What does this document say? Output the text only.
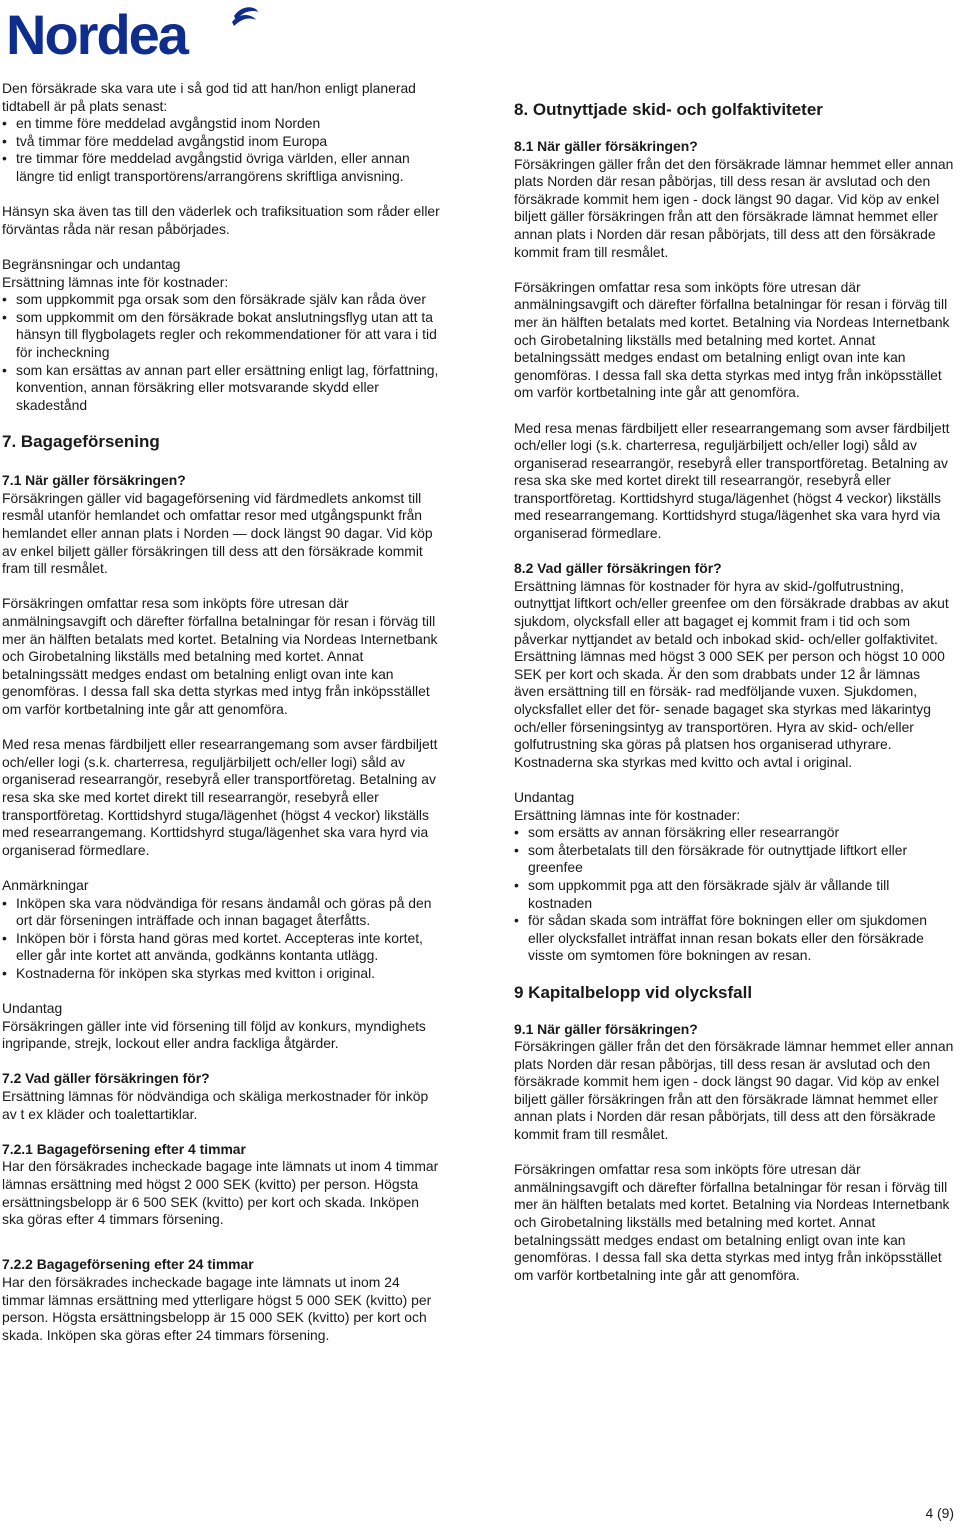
Nordea

Den försäkrade ska vara ute i så god tid att han/hon enligt planerad tidtabell är på plats senast:

• en timme före meddelad avgångstid inom Norden
• två timmar före meddelad avgångstid inom Europa
• tre timmar före meddelad avgångstid övriga världen, eller annan längre tid enligt transportörens/arrangörens skriftliga anvisning.

Hänsyn ska även tas till den väderlek och trafiksituation som råder eller förväntas råda när resan påbörjades.

Begränsningar och undantag

Ersättning lämnas inte för kostnader:

• som uppkommit pga orsak som den försäkrade själv kan råda över
• som uppkommit om den försäkrade bokat anslutningsflyg utan att ta hänsyn till flygbolagets regler och rekommendationer för att vara i tid för incheckning
• som kan ersättas av annan part eller ersättning enligt lag, författning, konvention, annan försäkring eller motsvarande skydd eller skadestånd
7. Bagageförsening

7.1 När gäller försäkringen?

Försäkringen gäller vid bagageförsening vid färdmedlets ankomst till resmål utanför hemlandet och omfattar resor med utgångspunkt från hemlandet eller annan plats i Norden — dock längst 90 dagar. Vid köp av enkel biljett gäller försäkringen till dess att den försäkrade kommit fram till resmålet.

Försäkringen omfattar resa som inköpts före utresan där anmälningsavgift och därefter förfallna betalningar för resan i förväg till mer än hälften betalats med kortet. Betalning via Nordeas Internetbank och Girobetalning likställs med betalning med kortet. Annat betalningssätt medges endast om betalning enligt ovan inte kan genomföras. I dessa fall ska detta styrkas med intyg från inköpsstället om varför kortbetalning inte går att genomföra.

Med resa menas färdbiljett eller researrangemang som avser färdbiljett och/eller logi (s.k. charterresa, reguljärbiljett och/eller logi) såld av organiserad researrangör, resebyrå eller transportföretag. Betalning av resa ska ske med kortet direkt till researrangör, resebyrå eller transportföretag. Korttidshyrd stuga/lägenhet (högst 4 veckor) likställs med researrangemang. Korttidshyrd stuga/lägenhet ska vara hyrd via organiserad förmedlare.

Anmärkningar

• Inköpen ska vara nödvändiga för resans ändamål och göras på den ort där förseningen inträffade och innan bagaget återfåtts.
• Inköpen bör i första hand göras med kortet. Accepteras inte kortet, eller går inte kortet att använda, godkänns kontanta utlägg.
• Kostnaderna för inköpen ska styrkas med kvitton i original.

Undantag

Försäkringen gäller inte vid försening till följd av konkurs, myndighets ingripande, strejk, lockout eller andra fackliga åtgärder.

7.2 Vad gäller försäkringen för?

Ersättning lämnas för nödvändiga och skäliga merkostnader för inköp av t ex kläder och toalettartiklar.

7.2.1 Bagageförsening efter 4 timmar

Har den försäkrades incheckade bagage inte lämnats ut inom 4 timmar lämnas ersättning med högst 2 000 SEK (kvitto) per person. Högsta ersättningsbelopp är 6 500 SEK (kvitto) per kort och skada. Inköpen ska göras efter 4 timmars försening.

7.2.2 Bagageförsening efter 24 timmar

Har den försäkrades incheckade bagage inte lämnats ut inom 24 timmar lämnas ersättning med ytterligare högst 5 000 SEK (kvitto) per person. Högsta ersättningsbelopp är 15 000 SEK (kvitto) per kort och skada. Inköpen ska göras efter 24 timmars försening.

8. Outnyttjade skid- och golfaktiviteter

8.1 När gäller försäkringen?

Försäkringen gäller från det den försäkrade lämnar hemmet eller annan plats Norden där resan påbörjas, till dess resan är avslutad och den försäkrade kommit hem igen - dock längst 90 dagar. Vid köp av enkel biljett gäller försäkringen från att den försäkrade lämnat hemmet eller annan plats i Norden där resan påbörjats, till dess att den försäkrade kommit fram till resmålet.

Försäkringen omfattar resa som inköpts före utresan där anmälningsavgift och därefter förfallna betalningar för resan i förväg till mer än hälften betalats med kortet. Betalning via Nordeas Internetbank och Girobetalning likställs med betalning med kortet. Annat betalningssätt medges endast om betalning enligt ovan inte kan genomföras. I dessa fall ska detta styrkas med intyg från inköpsstället om varför kortbetalning inte går att genomföra.

Med resa menas färdbiljett eller researrangemang som avser färdbiljett och/eller logi (s.k. charterresa, reguljärbiljett och/eller logi) såld av organiserad researrangör, resebyrå eller transportföretag. Betalning av resa ska ske med kortet direkt till researrangör, resebyrå eller transportföretag. Korttidshyrd stuga/lägenhet (högst 4 veckor) likställs med researrangemang. Korttidshyrd stuga/lägenhet ska vara hyrd via organiserad förmedlare.

8.2 Vad gäller försäkringen för?

Ersättning lämnas för kostnader för hyra av skid-/golfutrustning, outnyttjat liftkort och/eller greenfee om den försäkrade drabbas av akut sjukdom, olycksfall eller att bagaget ej kommit fram i tid och som påverkar nyttjandet av betald och inbokad skid- och/eller golfaktivitet. Ersättning lämnas med högst 3 000 SEK per person och högst 10 000 SEK per kort och skada. Är den som drabbats under 12 år lämnas även ersättning till en försäk- rad medföljande vuxen. Sjukdomen, olycksfallet eller det för- senade bagaget ska styrkas med läkarintyg och/eller förseningsintyg av transportören. Hyra av skid- och/eller golfutrustning ska göras på platsen hos organiserad uthyrare. Kostnaderna ska styrkas med kvitto och avtal i original.

Undantag

Ersättning lämnas inte för kostnader:

• som ersätts av annan försäkring eller researrangör
• som återbetalats till den försäkrade för outnyttjade liftkort eller greenfee
• som uppkommit pga att den försäkrade själv är vållande till kostnaden
• för sådan skada som inträffat före bokningen eller om sjukdomen eller olycksfallet inträffat innan resan bokats eller den försäkrade visste om symtomen före bokningen av resan.
9 Kapitalbelopp vid olycksfall

9.1 När gäller försäkringen?

Försäkringen gäller från det den försäkrade lämnar hemmet eller annan plats Norden där resan påbörjas, till dess resan är avslutad och den försäkrade kommit hem igen - dock längst 90 dagar. Vid köp av enkel biljett gäller försäkringen från att den försäkrade lämnat hemmet eller annan plats i Norden där resan påbörjats, till dess att den försäkrade kommit fram till resmålet.

Försäkringen omfattar resa som inköpts före utresan där anmälningsavgift och därefter förfallna betalningar för resan i förväg till mer än hälften betalats med kortet. Betalning via Nordeas Internetbank och Girobetalning likställs med betalning med kortet. Annat betalningssätt medges endast om betalning enligt ovan inte kan genomföras. I dessa fall ska detta styrkas med intyg från inköpsstället om varför kortbetalning inte går att genomföra.

4 (9)
